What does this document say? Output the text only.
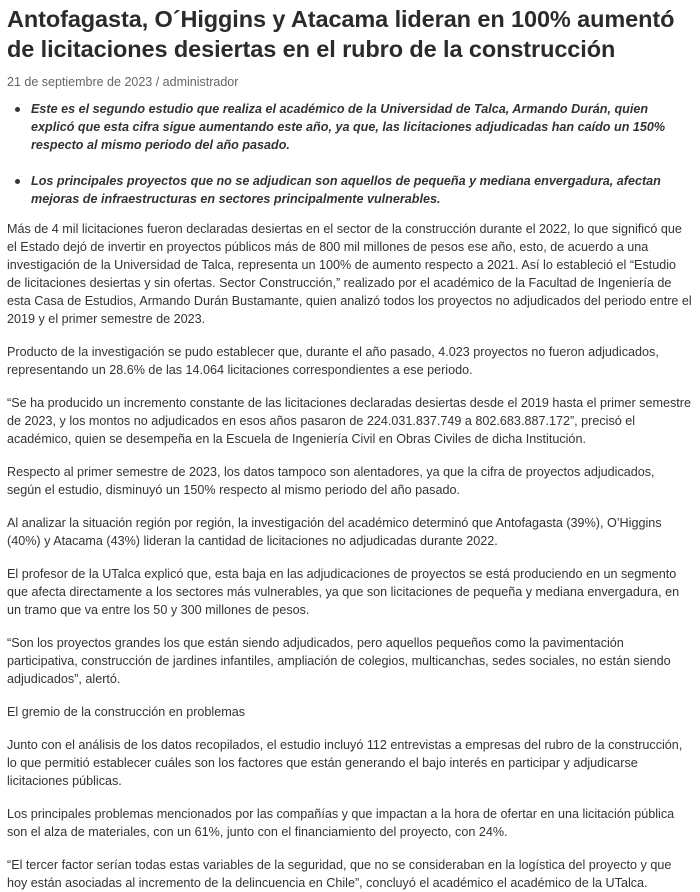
Antofagasta, O´Higgins y Atacama lideran en 100% aumentó de licitaciones desiertas en el rubro de la construcción
21 de septiembre de 2023 / administrador
Este es el segundo estudio que realiza el académico de la Universidad de Talca, Armando Durán, quien explicó que esta cifra sigue aumentando este año, ya que, las licitaciones adjudicadas han caído un 150% respecto al mismo periodo del año pasado.
Los principales proyectos que no se adjudican son aquellos de pequeña y mediana envergadura, afectan mejoras de infraestructuras en sectores principalmente vulnerables.

Más de 4 mil licitaciones fueron declaradas desiertas en el sector de la construcción durante el 2022, lo que significó que el Estado dejó de invertir en proyectos públicos más de 800 mil millones de pesos ese año, esto, de acuerdo a una investigación de la Universidad de Talca, representa un 100% de aumento respecto a 2021. Así lo estableció el “Estudio de licitaciones desiertas y sin ofertas. Sector Construcción,” realizado por el académico de la Facultad de Ingeniería de esta Casa de Estudios, Armando Durán Bustamante, quien analizó todos los proyectos no adjudicados del periodo entre el 2019 y el primer semestre de 2023.

Producto de la investigación se pudo establecer que, durante el año pasado, 4.023 proyectos no fueron adjudicados, representando un 28.6% de las 14.064 licitaciones correspondientes a ese periodo.

“Se ha producido un incremento constante de las licitaciones declaradas desiertas desde el 2019 hasta el primer semestre de 2023, y los montos no adjudicados en esos años pasaron de 224.031.837.749 a 802.683.887.172”, precisó el académico, quien se desempeña en la Escuela de Ingeniería Civil en Obras Civiles de dicha Institución.

Respecto al primer semestre de 2023, los datos tampoco son alentadores, ya que la cifra de proyectos adjudicados, según el estudio, disminuyó un 150% respecto al mismo periodo del año pasado.

Al analizar la situación región por región, la investigación del académico determinó que Antofagasta (39%), O’Higgins (40%) y Atacama (43%) lideran la cantidad de licitaciones no adjudicadas durante 2022.

El profesor de la UTalca explicó que, esta baja en las adjudicaciones de proyectos se está produciendo en un segmento que afecta directamente a los sectores más vulnerables, ya que son licitaciones de pequeña y mediana envergadura, en un tramo que va entre los 50 y 300 millones de pesos.

“Son los proyectos grandes los que están siendo adjudicados, pero aquellos pequeños como la pavimentación participativa, construcción de jardines infantiles, ampliación de colegios, multicanchas, sedes sociales, no están siendo adjudicados”, alertó.

El gremio de la construcción en problemas

Junto con el análisis de los datos recopilados, el estudio incluyó 112 entrevistas a empresas del rubro de la construcción, lo que permitió establecer cuáles son los factores que están generando el bajo interés en participar y adjudicarse licitaciones públicas.

Los principales problemas mencionados por las compañías y que impactan a la hora de ofertar en una licitación pública son el alza de materiales, con un 61%, junto con el financiamiento del proyecto, con 24%.

“El tercer factor serían todas estas variables de la seguridad, que no se consideraban en la logística del proyecto y que hoy están asociadas al incremento de la delincuencia en Chile”, concluyó el académico el académico de la UTalca.
